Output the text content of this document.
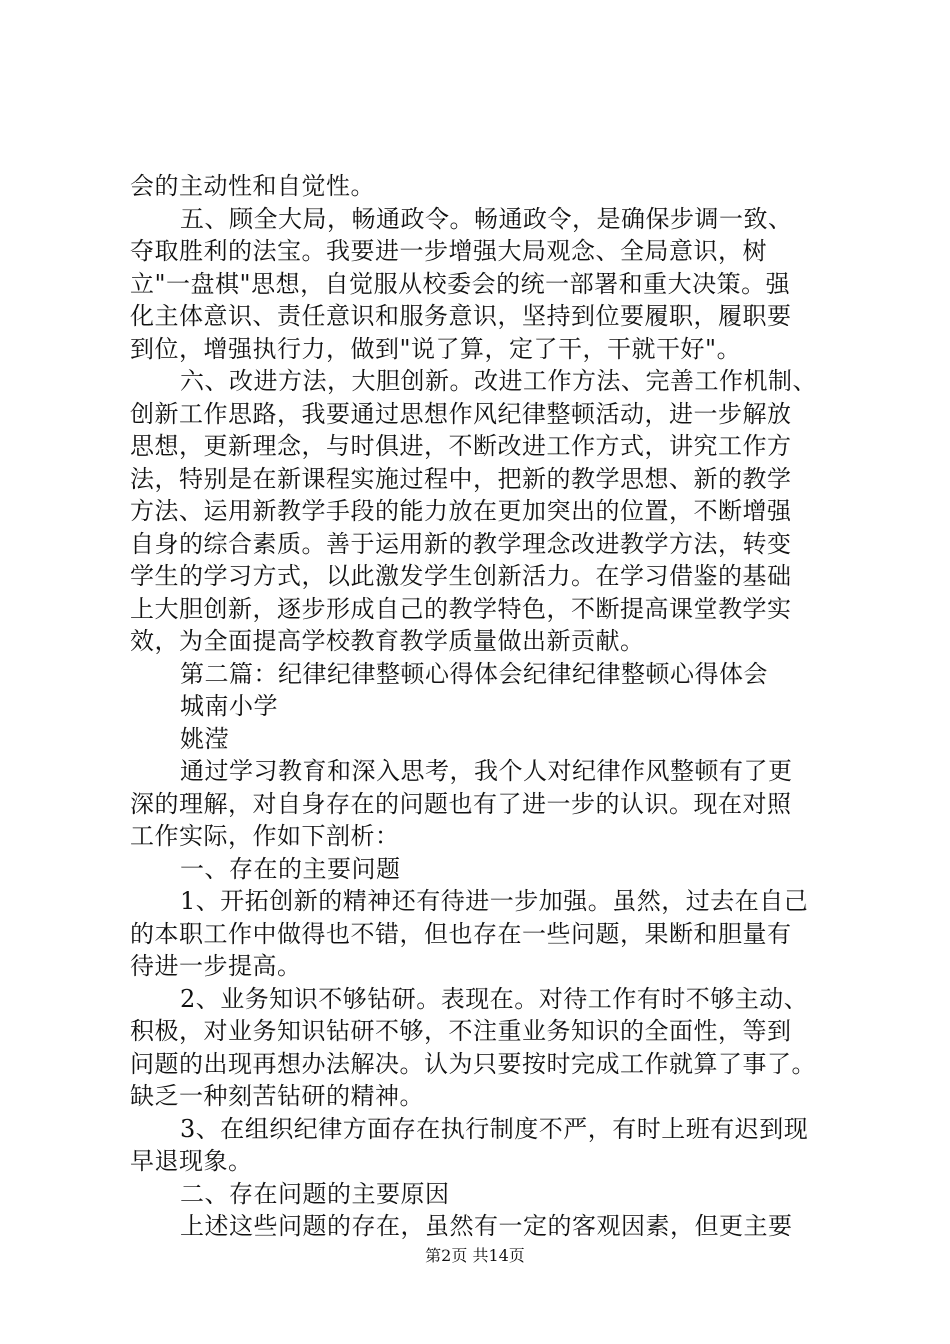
会的主动性和自觉性。
五、顾全大局，畅通政令。畅通政令，是确保步调一致、
夺取胜利的法宝。我要进一步增强大局观念、全局意识，树
立"一盘棋"思想，自觉服从校委会的统一部署和重大决策。强
化主体意识、责任意识和服务意识，坚持到位要履职，履职要
到位，增强执行力，做到"说了算，定了干，干就干好"。
六、改进方法，大胆创新。改进工作方法、完善工作机制、
创新工作思路，我要通过思想作风纪律整顿活动，进一步解放
思想，更新理念，与时俱进，不断改进工作方式，讲究工作方
法，特别是在新课程实施过程中，把新的教学思想、新的教学
方法、运用新教学手段的能力放在更加突出的位置，不断增强
自身的综合素质。善于运用新的教学理念改进教学方法，转变
学生的学习方式，以此激发学生创新活力。在学习借鉴的基础
上大胆创新，逐步形成自己的教学特色，不断提高课堂教学实
效，为全面提高学校教育教学质量做出新贡献。
第二篇：纪律纪律整顿心得体会纪律纪律整顿心得体会
城南小学
姚滢
通过学习教育和深入思考，我个人对纪律作风整顿有了更
深的理解，对自身存在的问题也有了进一步的认识。现在对照
工作实际，作如下剖析：
一、存在的主要问题
1、开拓创新的精神还有待进一步加强。虽然，过去在自己
的本职工作中做得也不错，但也存在一些问题，果断和胆量有
待进一步提高。
2、业务知识不够钻研。表现在。对待工作有时不够主动、
积极，对业务知识钻研不够，不注重业务知识的全面性，等到
问题的出现再想办法解决。认为只要按时完成工作就算了事了。
缺乏一种刻苦钻研的精神。
3、在组织纪律方面存在执行制度不严，有时上班有迟到现
早退现象。
二、存在问题的主要原因
上述这些问题的存在，虽然有一定的客观因素，但更主要
第2页 共14页
